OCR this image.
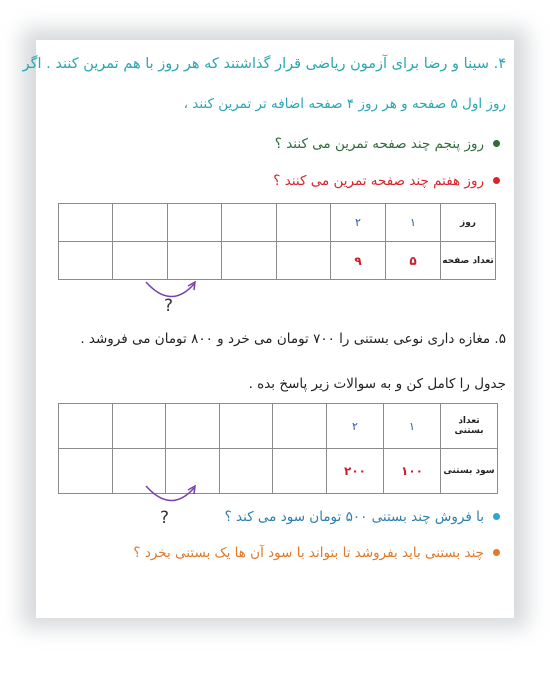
۴. سینا و رضا برای آزمون ریاضی قرار گذاشتند که هر روز با هم تمرین کنند . اگر
روز اول ۵ صفحه و هر روز ۴ صفحه اضافه تر تمرین کنند ،
روز پنجم چند صفحه تمرین می کنند ؟
روز هفتم چند صفحه تمرین می کنند ؟
روز	۱	۲					
تعداد صفحه	۵	۹					
?
۵. مغازه داری نوعی بستنی را ۷۰۰ تومان می خرد و ۸۰۰ تومان می فروشد .
جدول را کامل کن و به سوالات زیر پاسخ بده .
تعداد
بستنی	۱	۲					
سود بستنی	۱۰۰	۲۰۰					
?	با فروش چند بستنی ۵۰۰ تومان سود می کند ؟
چند بستنی باید بفروشد تا بتواند با سود آن ها یک بستنی بخرد ؟
